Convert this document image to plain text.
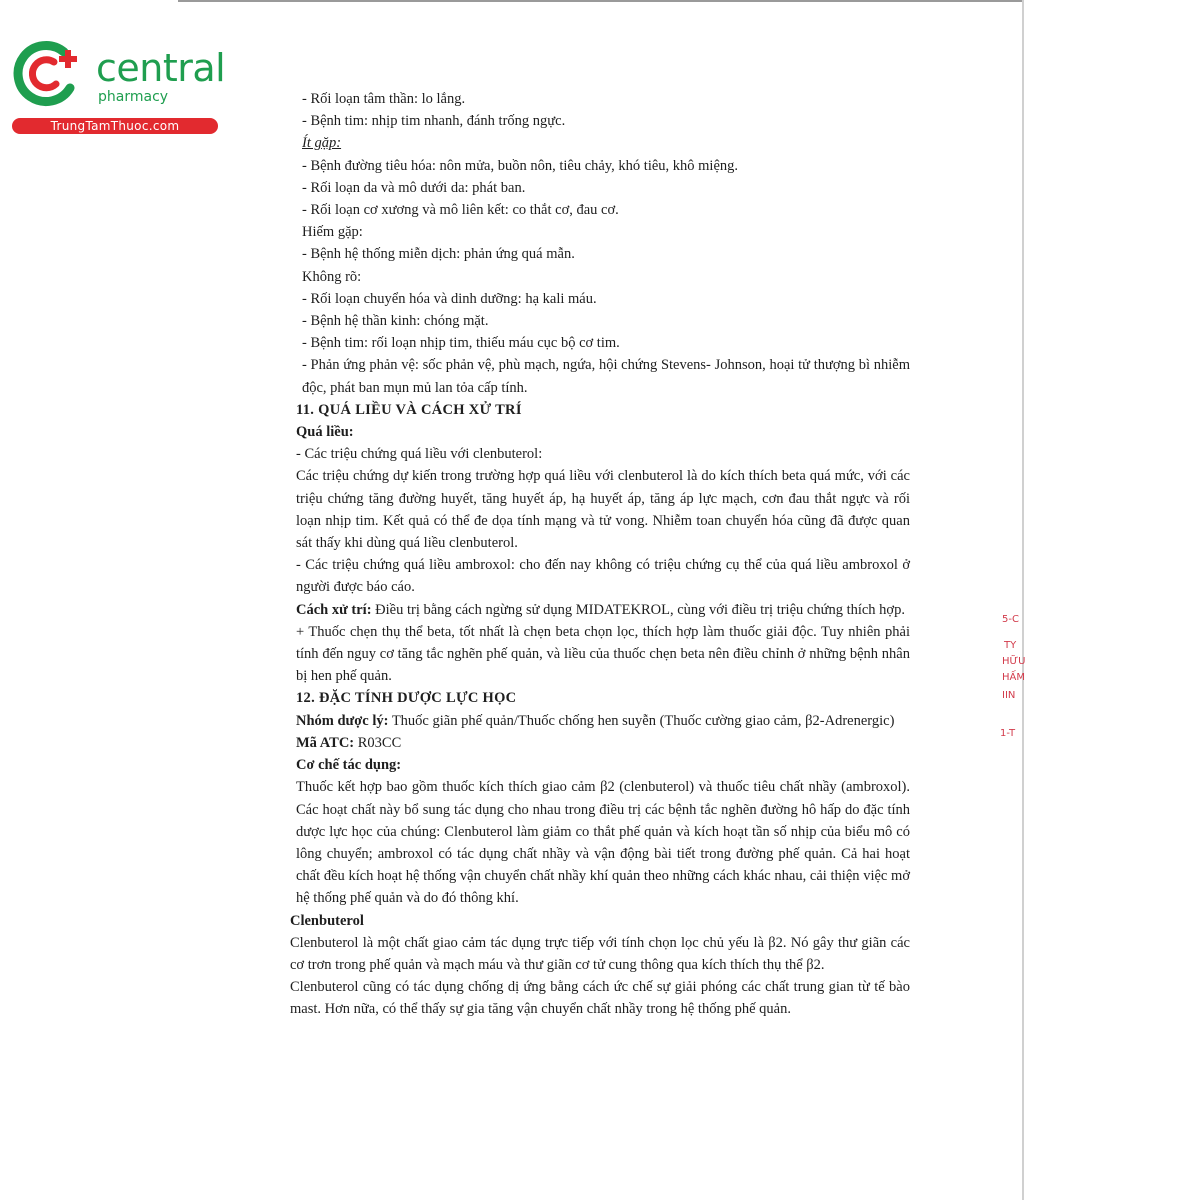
central
pharmacy
TrungTamThuoc.com

- Rối loạn tâm thần: lo lắng.

- Bệnh tim: nhịp tim nhanh, đánh trống ngực.

Ít gặp:

- Bệnh đường tiêu hóa: nôn mửa, buồn nôn, tiêu chảy, khó tiêu, khô miệng.

- Rối loạn da và mô dưới da: phát ban.

- Rối loạn cơ xương và mô liên kết: co thắt cơ, đau cơ.

Hiếm gặp:

- Bệnh hệ thống miễn dịch: phản ứng quá mẫn.

Không rõ:

- Rối loạn chuyển hóa và dinh dưỡng: hạ kali máu.

- Bệnh hệ thần kinh: chóng mặt.

- Bệnh tim: rối loạn nhịp tim, thiếu máu cục bộ cơ tim.

- Phản ứng phản vệ: sốc phản vệ, phù mạch, ngứa, hội chứng Stevens- Johnson, hoại tử thượng bì nhiễm độc, phát ban mụn mủ lan tỏa cấp tính.

11. QUÁ LIỀU VÀ CÁCH XỬ TRÍ

Quá liều:

- Các triệu chứng quá liều với clenbuterol:

Các triệu chứng dự kiến trong trường hợp quá liều với clenbuterol là do kích thích beta quá mức, với các triệu chứng tăng đường huyết, tăng huyết áp, hạ huyết áp, tăng áp lực mạch, cơn đau thắt ngực và rối loạn nhịp tim. Kết quả có thể đe dọa tính mạng và tử vong. Nhiễm toan chuyển hóa cũng đã được quan sát thấy khi dùng quá liều clenbuterol.

- Các triệu chứng quá liều ambroxol: cho đến nay không có triệu chứng cụ thể của quá liều ambroxol ở người được báo cáo.

Cách xử trí: Điều trị bằng cách ngừng sử dụng MIDATEKROL, cùng với điều trị triệu chứng thích hợp.

+ Thuốc chẹn thụ thể beta, tốt nhất là chẹn beta chọn lọc, thích hợp làm thuốc giải độc. Tuy nhiên phải tính đến nguy cơ tăng tắc nghẽn phế quản, và liều của thuốc chẹn beta nên điều chỉnh ở những bệnh nhân bị hen phế quản.

12. ĐẶC TÍNH DƯỢC LỰC HỌC

Nhóm dược lý: Thuốc giãn phế quản/Thuốc chống hen suyễn (Thuốc cường giao cảm, β2-Adrenergic)

Mã ATC: R03CC

Cơ chế tác dụng:

Thuốc kết hợp bao gồm thuốc kích thích giao cảm β2 (clenbuterol) và thuốc tiêu chất nhầy (ambroxol). Các hoạt chất này bổ sung tác dụng cho nhau trong điều trị các bệnh tắc nghẽn đường hô hấp do đặc tính dược lực học của chúng: Clenbuterol làm giảm co thắt phế quản và kích hoạt tần số nhịp của biểu mô có lông chuyển; ambroxol có tác dụng chất nhầy và vận động bài tiết trong đường phế quản. Cả hai hoạt chất đều kích hoạt hệ thống vận chuyển chất nhầy khí quản theo những cách khác nhau, cải thiện việc mở hệ thống phế quản và do đó thông khí.

Clenbuterol

Clenbuterol là một chất giao cảm tác dụng trực tiếp với tính chọn lọc chủ yếu là β2. Nó gây thư giãn các cơ trơn trong phế quản và mạch máu và thư giãn cơ tử cung thông qua kích thích thụ thể β2.

Clenbuterol cũng có tác dụng chống dị ứng bằng cách ức chế sự giải phóng các chất trung gian từ tế bào mast. Hơn nữa, có thể thấy sự gia tăng vận chuyển chất nhầy trong hệ thống phế quản.

5-C
TY
HỮU
HẤM
IIN
1-T
